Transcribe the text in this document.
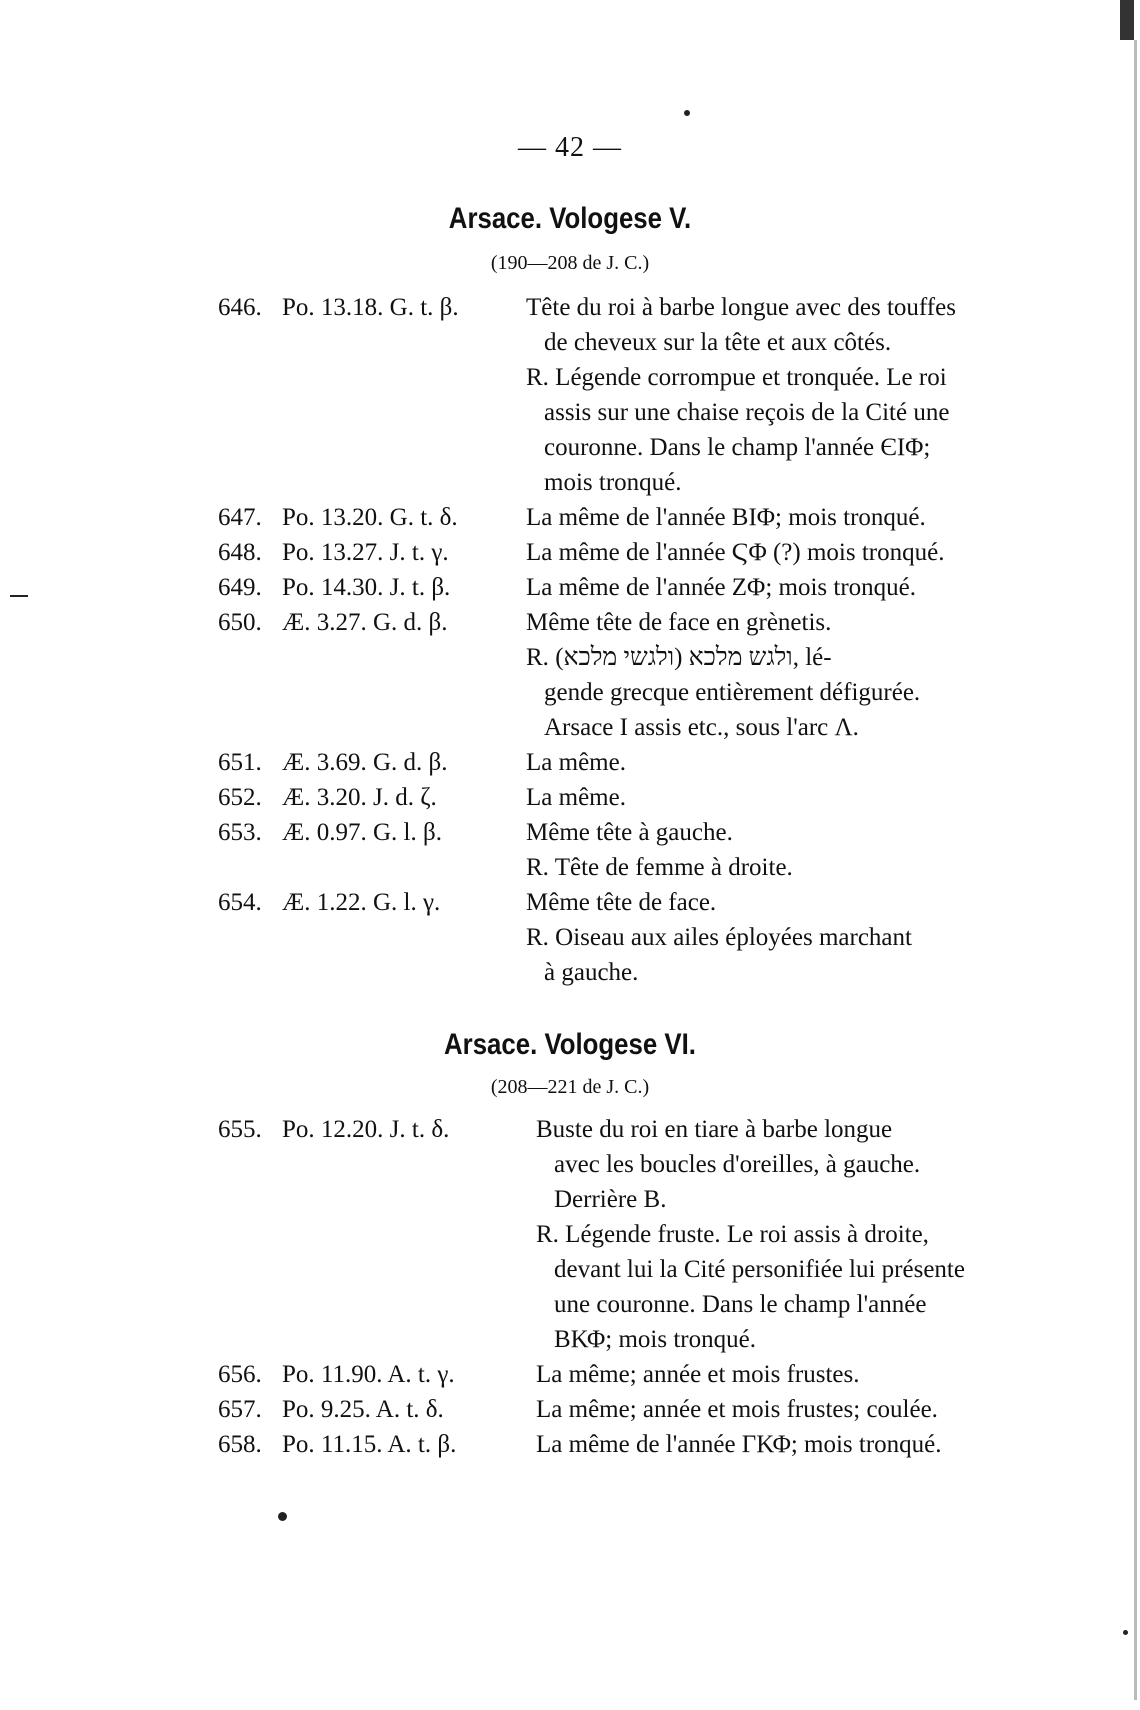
— 42 —
Arsace. Vologese V.
(190—208 de J. C.)
646. Po. 13.18. G. t. β.	Tête du roi à barbe longue avec des touffes
de cheveux sur la tête et aux côtés.
R. Légende corrompue et tronquée. Le roi
assis sur une chaise reçois de la Cité une
couronne. Dans le champ l'année ЄΙΦ;
mois tronqué.
647. Po. 13.20. G. t. δ.	La même de l'année ΒΙΦ; mois tronqué.
648. Po. 13.27. J. t. γ.	La même de l'année ϚΦ (?) mois tronqué.
649. Po. 14.30. J. t. β.	La même de l'année ΖΦ; mois tronqué.
650. Æ. 3.27. G. d. β.	Même tête de face en grènetis.
R. ולגש מלכא (ולגשי מלכא), lé-
gende grecque entièrement défigurée.
Arsace I assis etc., sous l'arc Λ.
651. Æ. 3.69. G. d. β.	La même.
652. Æ. 3.20. J. d. ζ.	La même.
653. Æ. 0.97. G. l. β.	Même tête à gauche.
R. Tête de femme à droite.
654. Æ. 1.22. G. l. γ.	Même tête de face.
R. Oiseau aux ailes éployées marchant
à gauche.
Arsace. Vologese VI.
(208—221 de J. C.)
655. Po. 12.20. J. t. δ.	Buste du roi en tiare à barbe longue
avec les boucles d'oreilles, à gauche.
Derrière B.
R. Légende fruste. Le roi assis à droite,
devant lui la Cité personifiée lui présente
une couronne. Dans le champ l'année
ΒΚΦ; mois tronqué.
656. Po. 11.90. A. t. γ.	La même; année et mois frustes.
657. Po. 9.25. A. t. δ.	La même; année et mois frustes; coulée.
658. Po. 11.15. A. t. β.	La même de l'année ΓΚΦ; mois tronqué.
